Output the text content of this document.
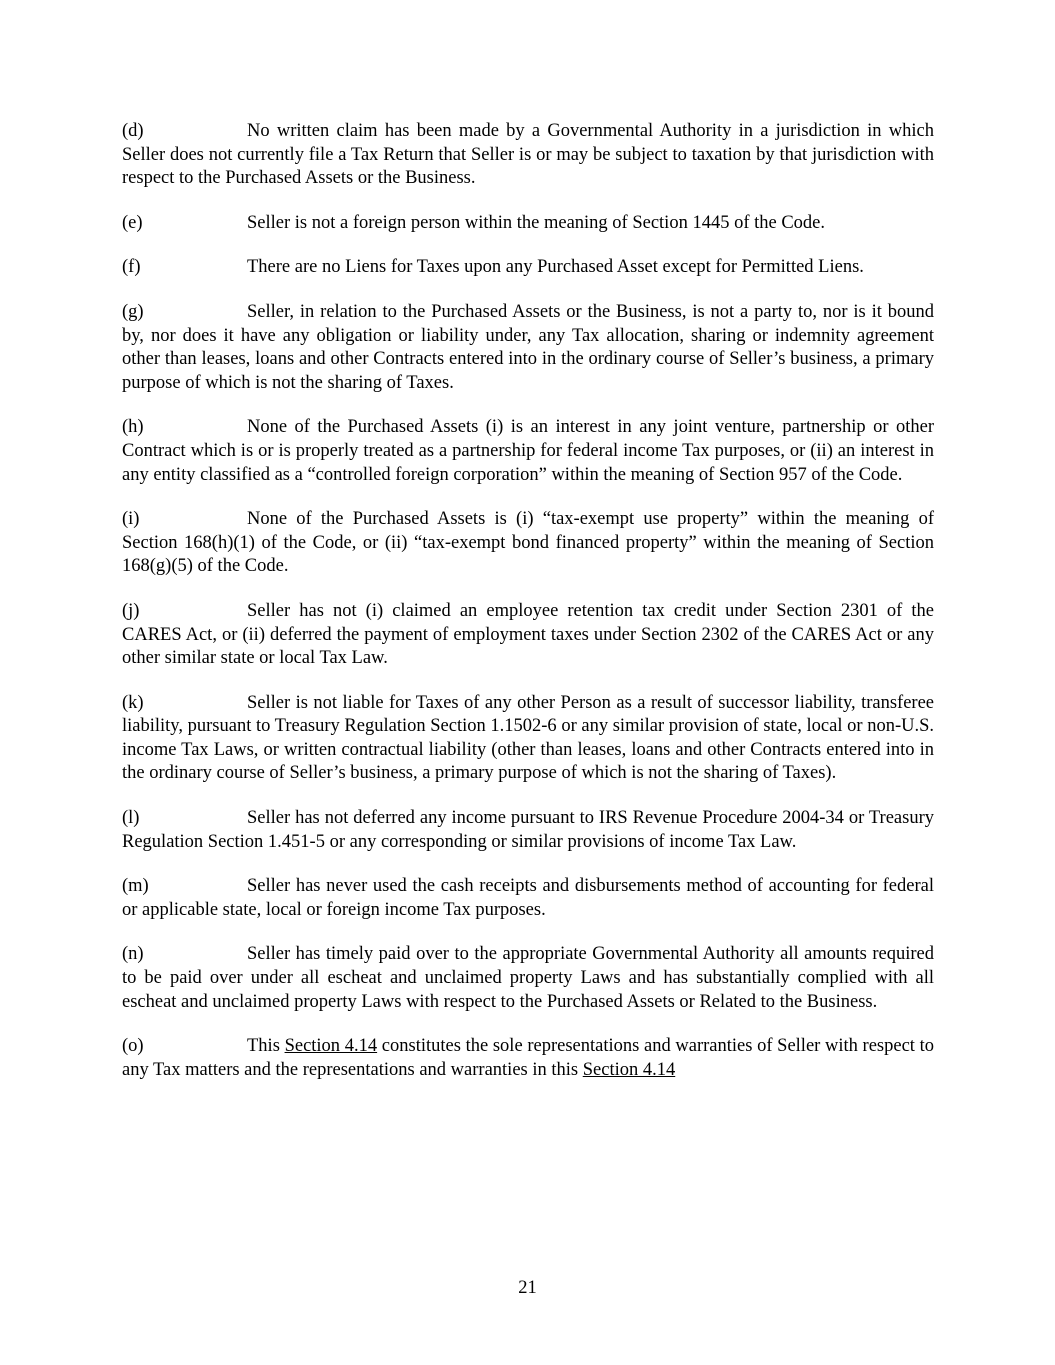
(d)	No written claim has been made by a Governmental Authority in a jurisdiction in which Seller does not currently file a Tax Return that Seller is or may be subject to taxation by that jurisdiction with respect to the Purchased Assets or the Business.

(e)	Seller is not a foreign person within the meaning of Section 1445 of the Code.

(f)	There are no Liens for Taxes upon any Purchased Asset except for Permitted Liens.

(g)	Seller, in relation to the Purchased Assets or the Business, is not a party to, nor is it bound by, nor does it have any obligation or liability under, any Tax allocation, sharing or indemnity agreement other than leases, loans and other Contracts entered into in the ordinary course of Seller’s business, a primary purpose of which is not the sharing of Taxes.

(h)	None of the Purchased Assets (i) is an interest in any joint venture, partnership or other Contract which is or is properly treated as a partnership for federal income Tax purposes, or (ii) an interest in any entity classified as a “controlled foreign corporation” within the meaning of Section 957 of the Code.

(i)	None of the Purchased Assets is (i) “tax-exempt use property” within the meaning of Section 168(h)(1) of the Code, or (ii) “tax-exempt bond financed property” within the meaning of Section 168(g)(5) of the Code.

(j)	Seller has not (i) claimed an employee retention tax credit under Section 2301 of the CARES Act, or (ii) deferred the payment of employment taxes under Section 2302 of the CARES Act or any other similar state or local Tax Law.

(k)	Seller is not liable for Taxes of any other Person as a result of successor liability, transferee liability, pursuant to Treasury Regulation Section 1.1502-6 or any similar provision of state, local or non-U.S. income Tax Laws, or written contractual liability (other than leases, loans and other Contracts entered into in the ordinary course of Seller’s business, a primary purpose of which is not the sharing of Taxes).

(l)	Seller has not deferred any income pursuant to IRS Revenue Procedure 2004-34 or Treasury Regulation Section 1.451-5 or any corresponding or similar provisions of income Tax Law.

(m)	Seller has never used the cash receipts and disbursements method of accounting for federal or applicable state, local or foreign income Tax purposes.

(n)	Seller has timely paid over to the appropriate Governmental Authority all amounts required to be paid over under all escheat and unclaimed property Laws and has substantially complied with all escheat and unclaimed property Laws with respect to the Purchased Assets or Related to the Business.

(o)	This Section 4.14 constitutes the sole representations and warranties of Seller with respect to any Tax matters and the representations and warranties in this Section 4.14

21
